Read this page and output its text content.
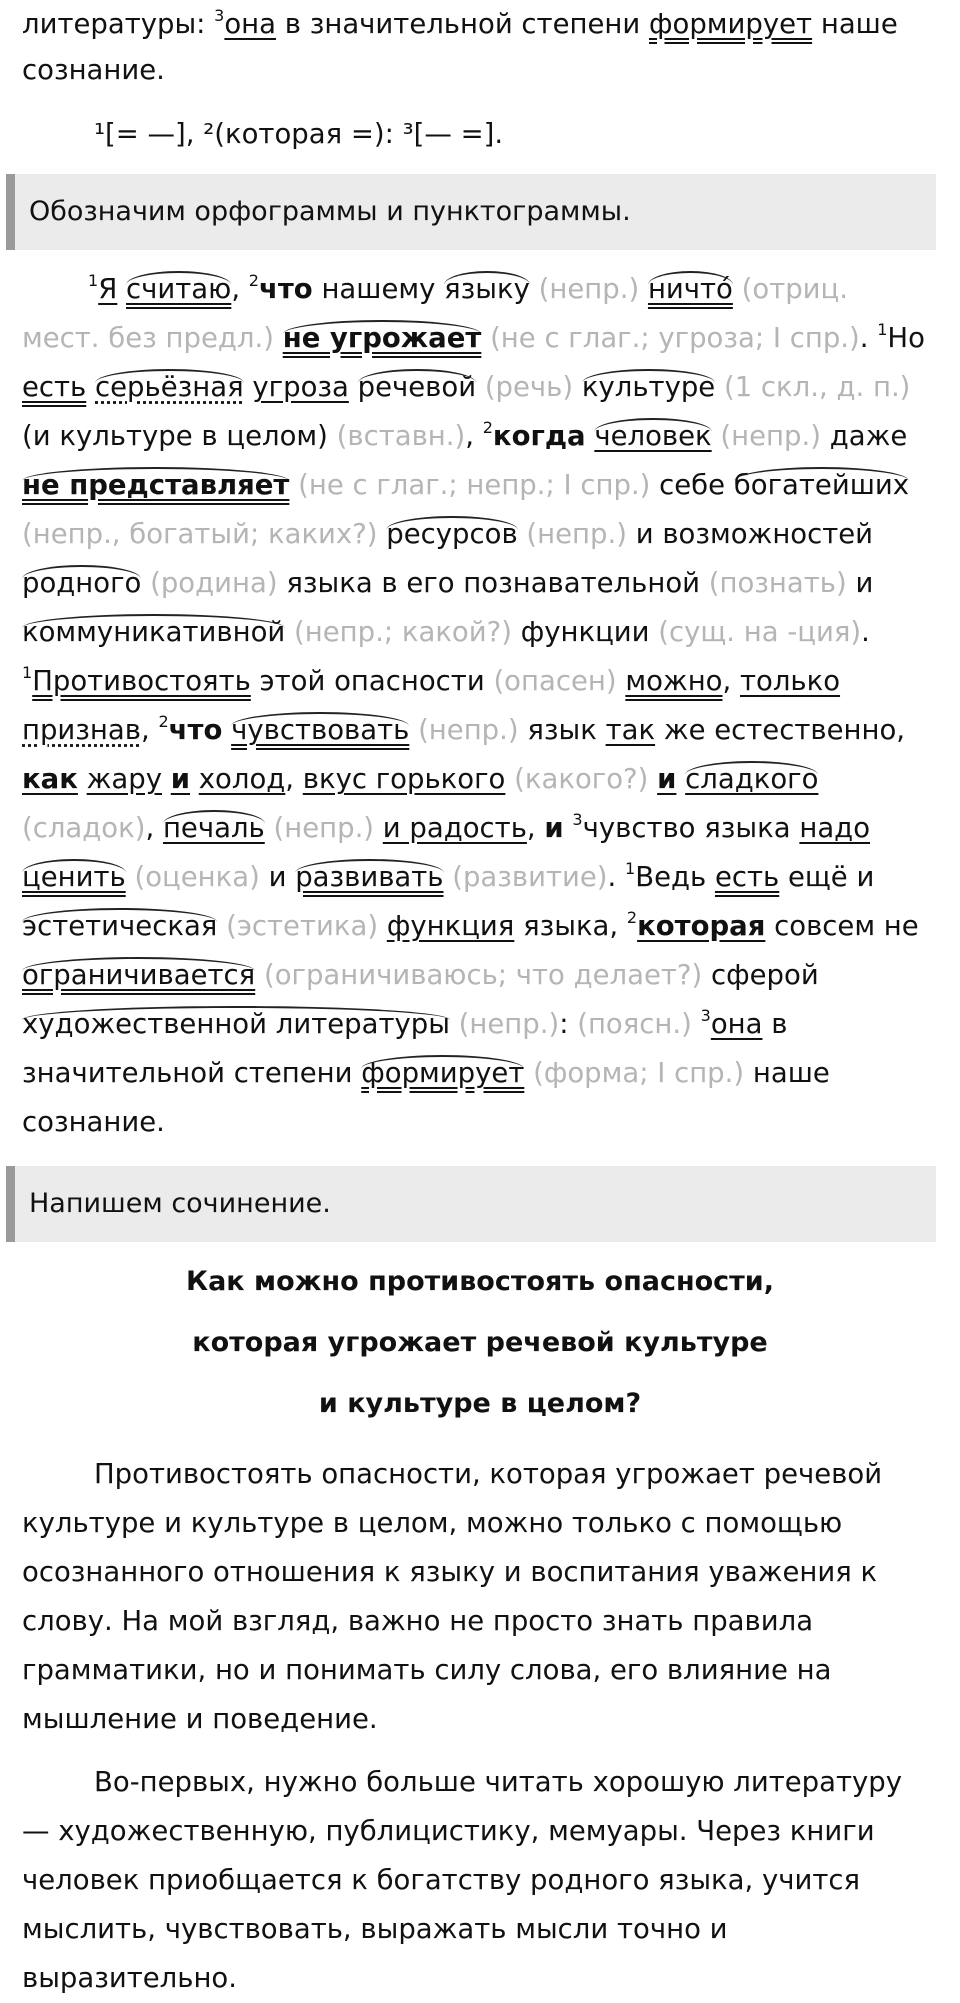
литературы: $^3$она в значительной степени формирует наше
сознание.
¹[= —], ²(которая =): ³[— =].
Обозначим орфограммы и пунктограммы.
$^1$Я считаю, $^2$что нашему языку (непр.) ничто́ (отриц.
мест. без предл.) не угрожает (не с глаг.; угроза; I спр.). $^1$Но
есть серьёзная угроза речевой (речь) культуре (1 скл., д. п.)
(и культуре в целом) (вставн.), $^2$когда человек (непр.) даже
не представляет (не с глаг.; непр.; I спр.) себе богатейших
(непр., богатый; каких?) ресурсов (непр.) и возможностей
родного (родина) языка в его познавательной (познать) и
коммуникативной (непр.; какой?) функции (сущ. на -ция).
$^1$Противостоять этой опасности (опасен) можно, только
признав, $^2$что чувствовать (непр.) язык так же естественно,
как жару и холод, вкус горького (какого?) и сладкого
(сладок), печаль (непр.) и радость, и $^3$чувство языка надо
ценить (оценка) и развивать (развитие). $^1$Ведь есть ещё и
эстетическая (эстетика) функция языка, $^2$которая совсем не
ограничивается (ограничиваюсь; что делает?) сферой
художественной литературы (непр.): (поясн.) $^3$она в
значительной степени формирует (форма; I спр.) наше
сознание.
Напишем сочинение.
Как можно противостоять опасности,
которая угрожает речевой культуре
и культуре в целом?
Противостоять опасности, которая угрожает речевой
культуре и культуре в целом, можно только с помощью
осознанного отношения к языку и воспитания уважения к
слову. На мой взгляд, важно не просто знать правила
грамматики, но и понимать силу слова, его влияние на
мышление и поведение.
Во-первых, нужно больше читать хорошую литературу
— художественную, публицистику, мемуары. Через книги
человек приобщается к богатству родного языка, учится
мыслить, чувствовать, выражать мысли точно и
выразительно.
